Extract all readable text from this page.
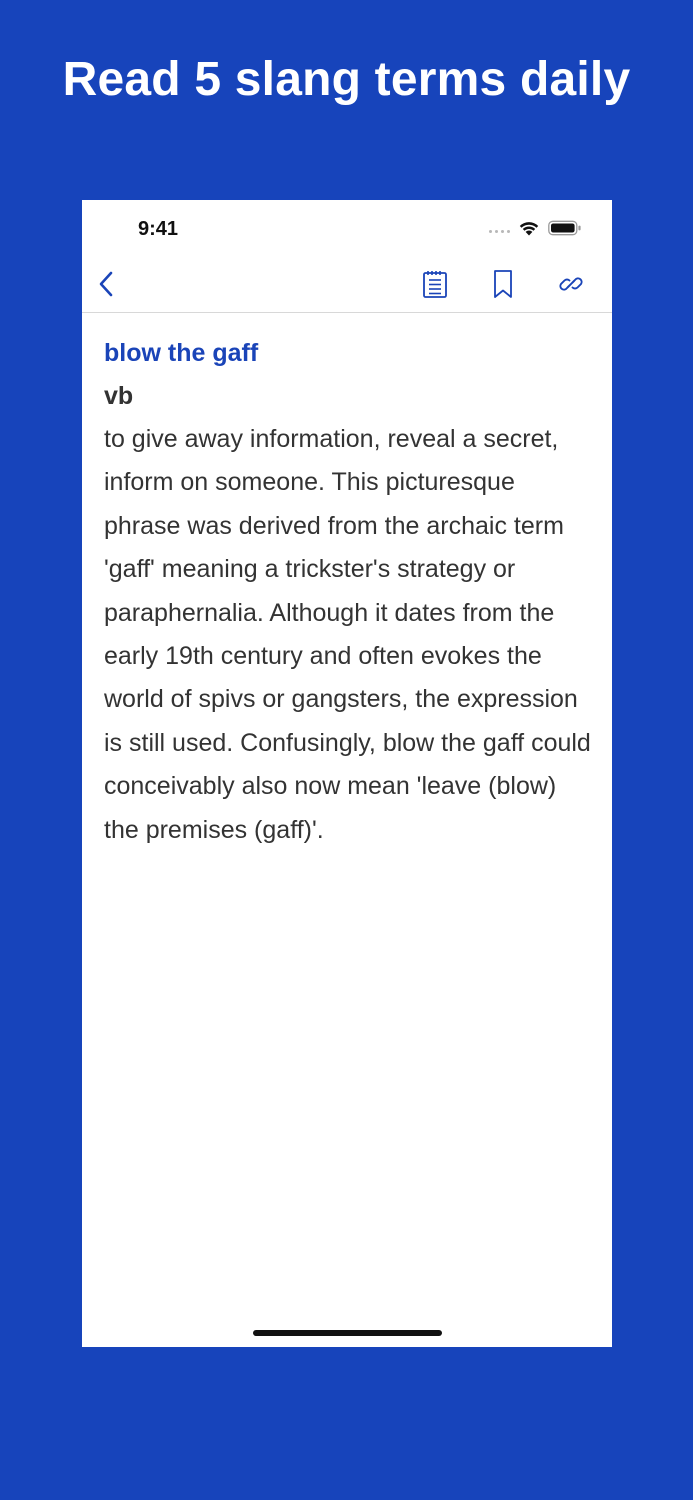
Read 5 slang terms daily
9:41

blow the gaff

vb

to give away information, reveal a secret, inform on someone. This picturesque phrase was derived from the archaic term 'gaff' meaning a trickster's strategy or paraphernalia. Although it dates from the early 19th century and often evokes the world of spivs or gangsters, the expression is still used. Confusingly, blow the gaff could conceivably also now mean 'leave (blow) the premises (gaff)'.
